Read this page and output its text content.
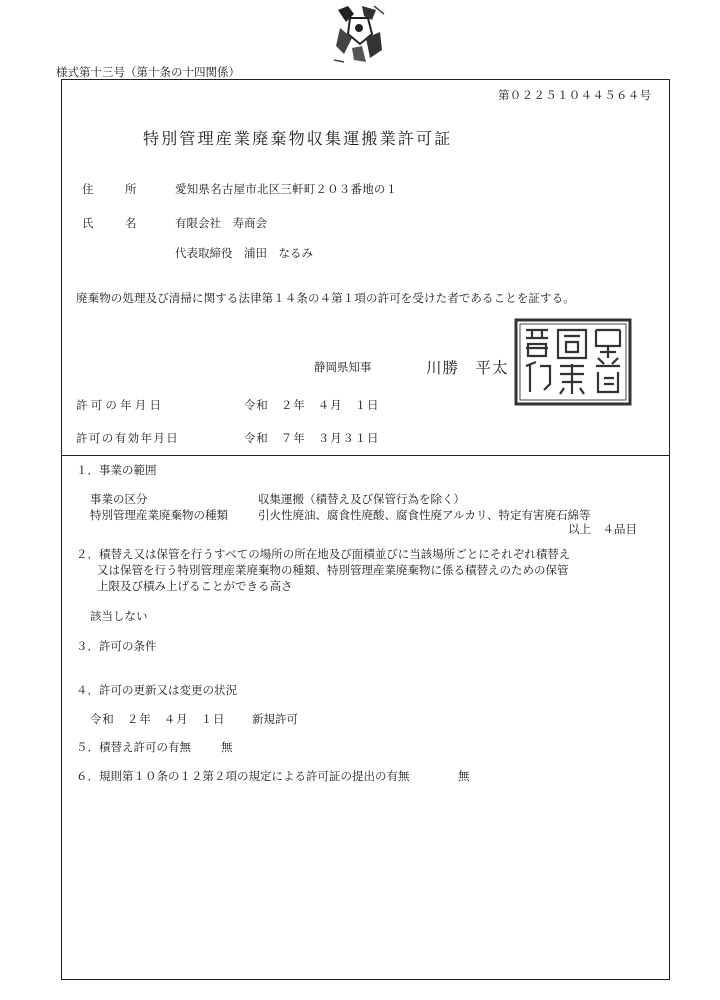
様式第十三号（第十条の十四関係）
第０２２５１０４４５６４号
特別管理産業廃棄物収集運搬業許可証
住　所 愛知県名古屋市北区三軒町２０３番地の１
氏　名 有限会社　寿商会
代表取締役　浦田　なるみ
廃棄物の処理及び清掃に関する法律第１４条の４第１項の許可を受けた者であることを証する。
静岡県知事	川勝　平太
許可の年月日	令和　２年　４月　１日
許可の有効年月日	令和　７年　３月３１日
１．事業の範囲
事業の区分	収集運搬（積替え及び保管行為を除く）
特別管理産業廃棄物の種類	引火性廃油、腐食性廃酸、腐食性廃アルカリ、特定有害廃石綿等
以上　４品目
２．積替え又は保管を行うすべての場所の所在地及び面積並びに当該場所ごとにそれぞれ積替え
又は保管を行う特別管理産業廃棄物の種類、特別管理産業廃棄物に係る積替えのための保管
上限及び積み上げることができる高さ
該当しない
３．許可の条件
４．許可の更新又は変更の状況
令和　２年　４月　１日 新規許可
５．積替え許可の有無	無
６．規則第１０条の１２第２項の規定による許可証の提出の有無	無
